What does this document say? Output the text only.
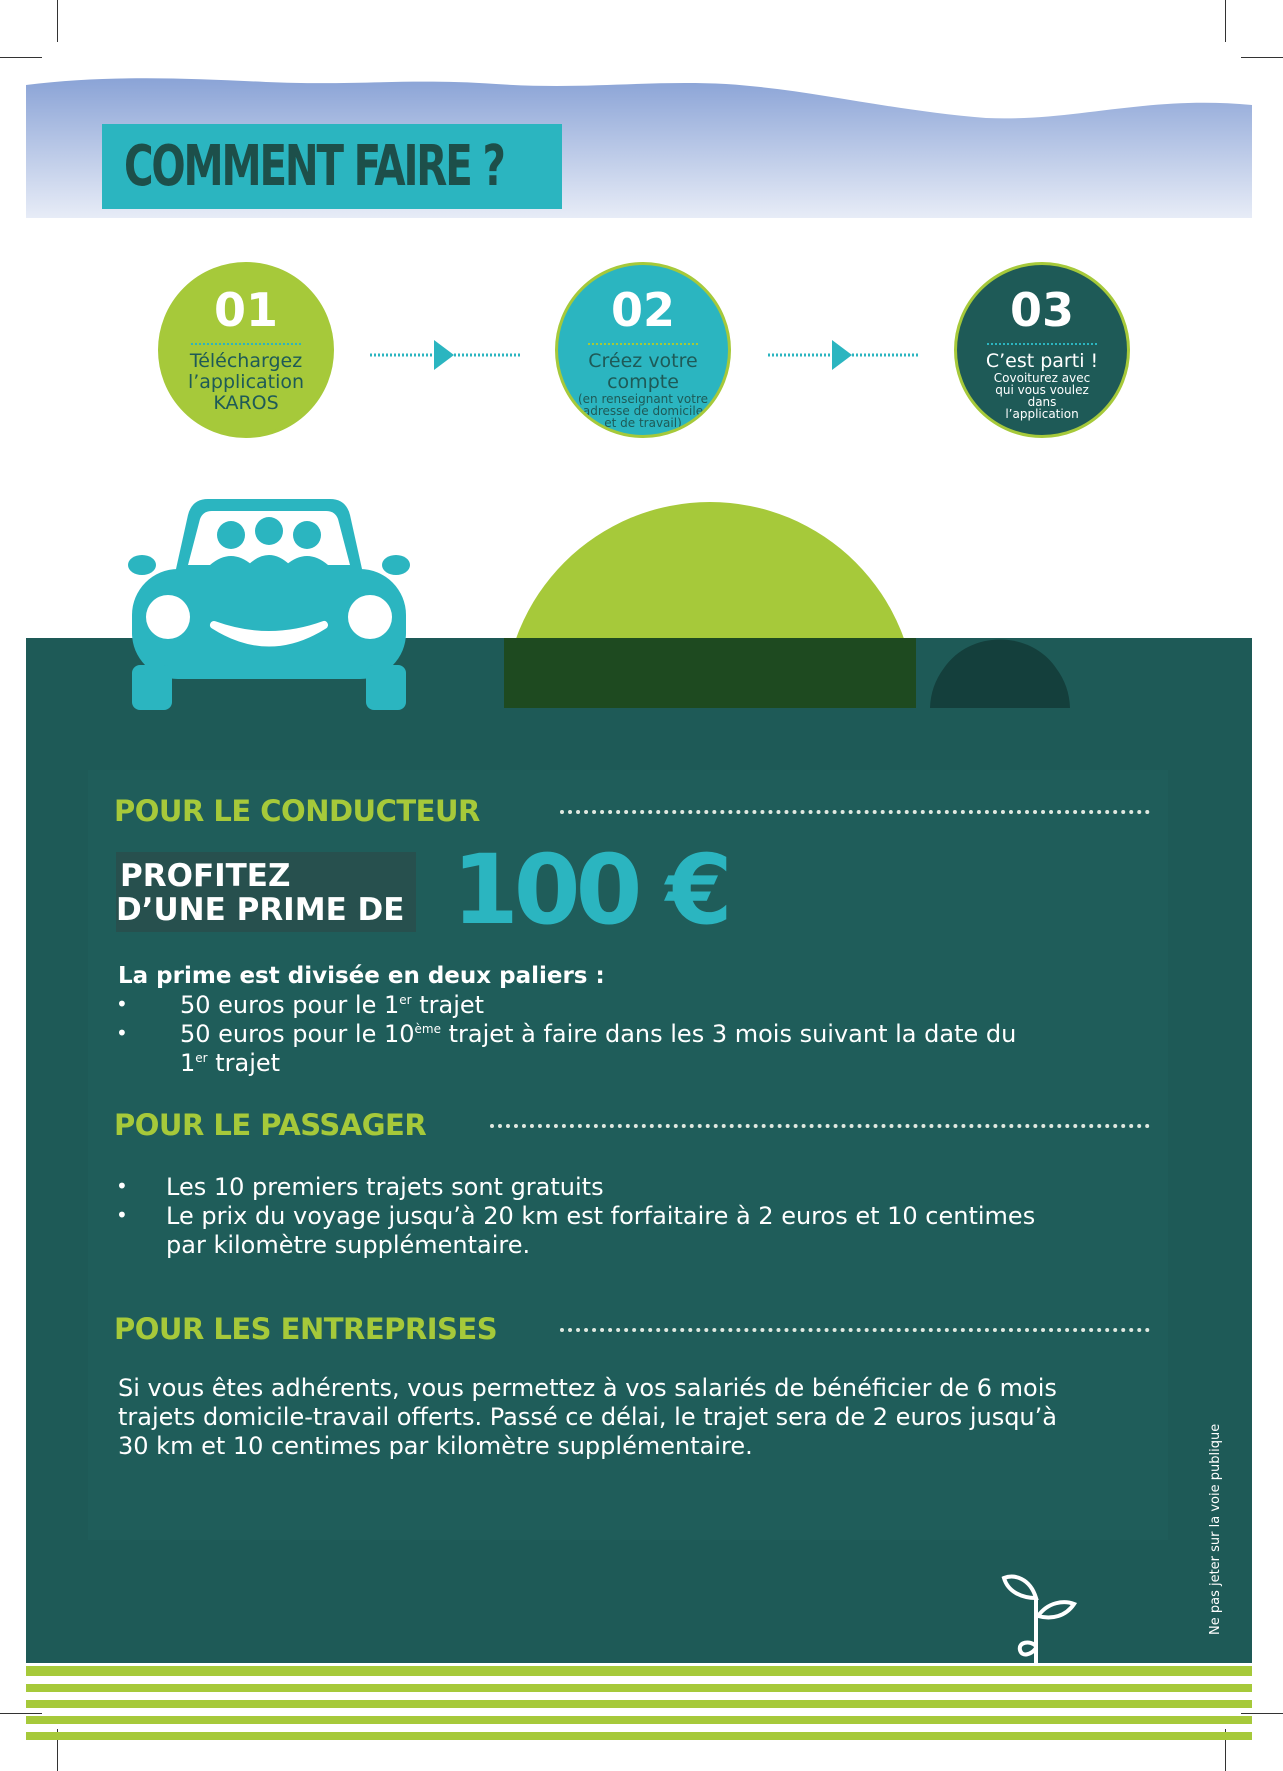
COMMENT FAIRE ?
01
Téléchargez
l’application
KAROS
02
Créez votre
compte
(en renseignant votre
adresse de domicile
et de travail)
03
C’est parti !
Covoiturez avec
qui vous voulez
dans
l’application
POUR LE CONDUCTEUR
PROFITEZ
D’UNE PRIME DE 100 €
La prime est divisée en deux paliers :
• 50 euros pour le 1er trajet
• 50 euros pour le 10ème trajet à faire dans les 3 mois suivant la date du
1er trajet
POUR LE PASSAGER
• Les 10 premiers trajets sont gratuits
• Le prix du voyage jusqu’à 20 km est forfaitaire à 2 euros et 10 centimes
par kilomètre supplémentaire.
POUR LES ENTREPRISES
Si vous êtes adhérents, vous permettez à vos salariés de bénéficier de 6 mois
trajets domicile-travail offerts. Passé ce délai, le trajet sera de 2 euros jusqu’à
30 km et 10 centimes par kilomètre supplémentaire.	Ne pas jeter sur la voie publique
